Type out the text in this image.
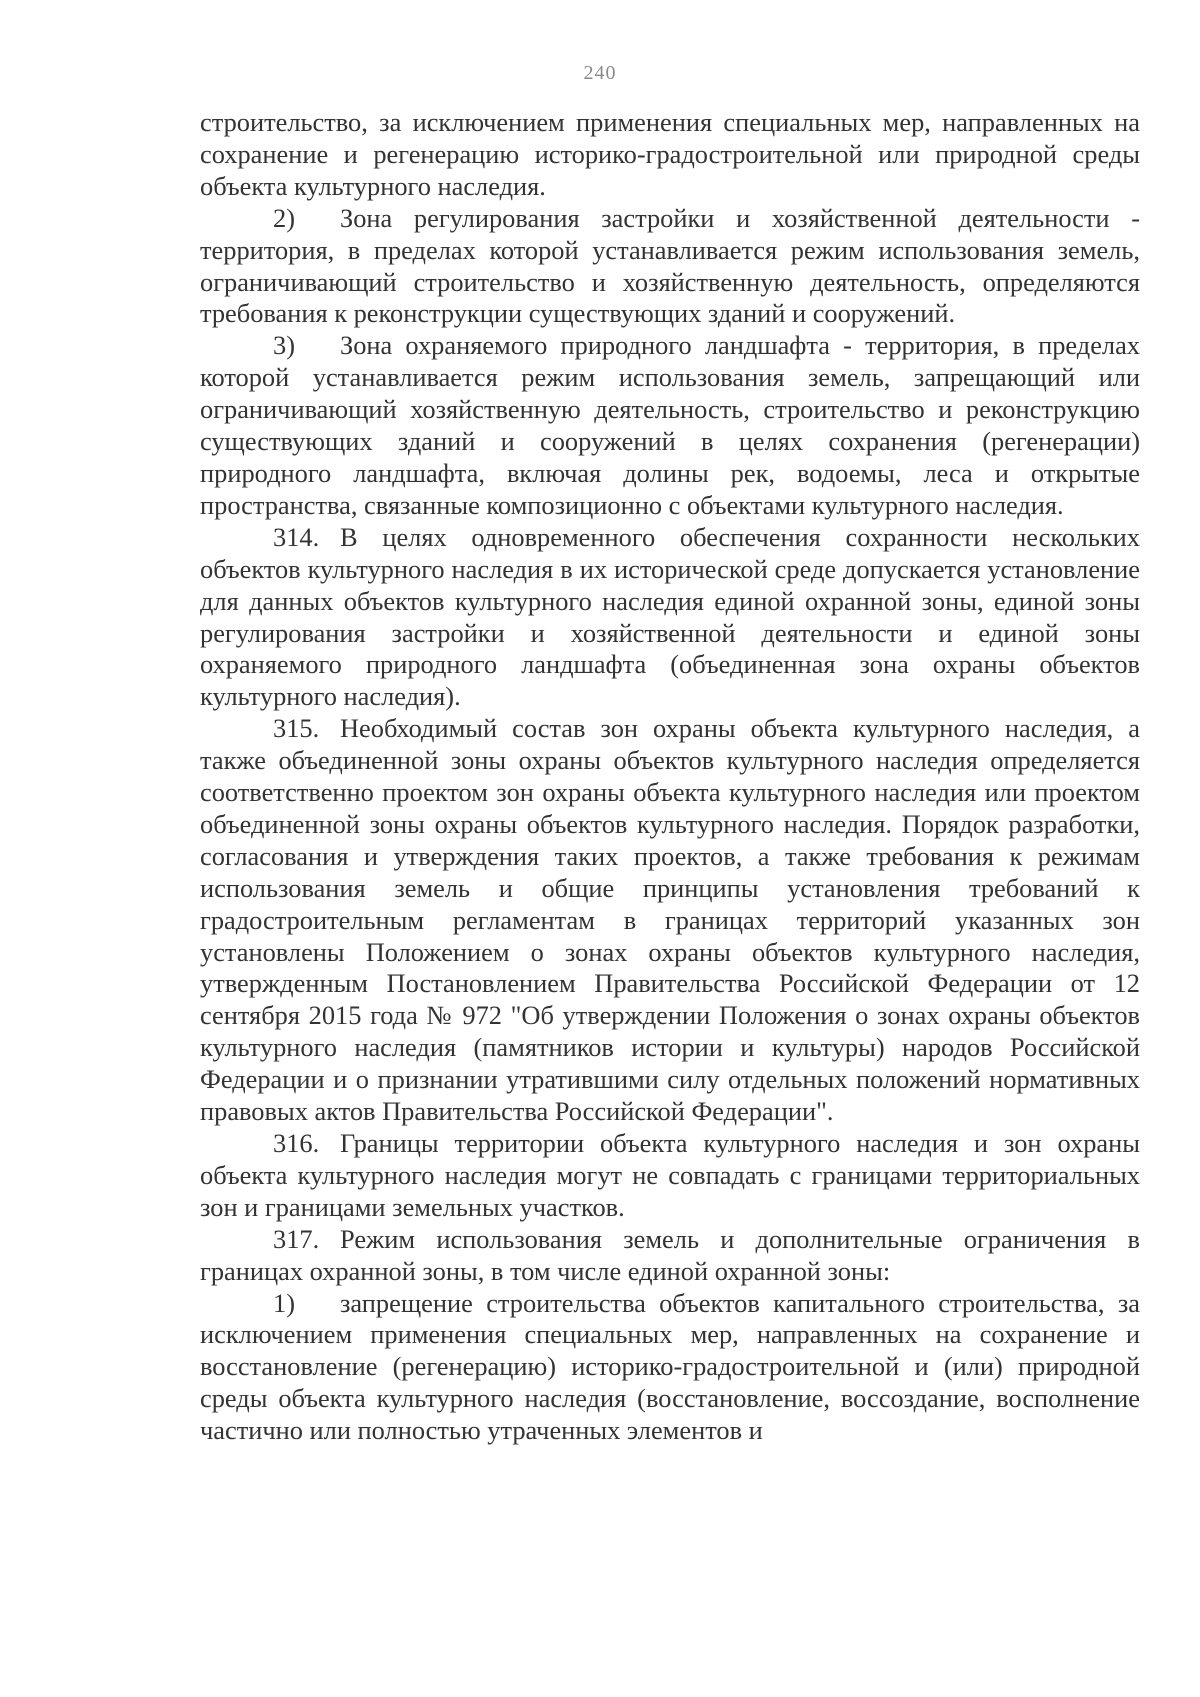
240

строительство, за исключением применения специальных мер, направленных на сохранение и регенерацию историко-градостроительной или природной среды объекта культурного наследия.

2) Зона регулирования застройки и хозяйственной деятельности - территория, в пределах которой устанавливается режим использования земель, ограничивающий строительство и хозяйственную деятельность, определяются требования к реконструкции существующих зданий и сооружений.

3) Зона охраняемого природного ландшафта - территория, в пределах которой устанавливается режим использования земель, запрещающий или ограничивающий хозяйственную деятельность, строительство и реконструкцию существующих зданий и сооружений в целях сохранения (регенерации) природного ландшафта, включая долины рек, водоемы, леса и открытые пространства, связанные композиционно с объектами культурного наследия.

314. В целях одновременного обеспечения сохранности нескольких объектов культурного наследия в их исторической среде допускается установление для данных объектов культурного наследия единой охранной зоны, единой зоны регулирования застройки и хозяйственной деятельности и единой зоны охраняемого природного ландшафта (объединенная зона охраны объектов культурного наследия).

315. Необходимый состав зон охраны объекта культурного наследия, а также объединенной зоны охраны объектов культурного наследия определяется соответственно проектом зон охраны объекта культурного наследия или проектом объединенной зоны охраны объектов культурного наследия. Порядок разработки, согласования и утверждения таких проектов, а также требования к режимам использования земель и общие принципы установления требований к градостроительным регламентам в границах территорий указанных зон установлены Положением о зонах охраны объектов культурного наследия, утвержденным Постановлением Правительства Российской Федерации от 12 сентября 2015 года № 972 "Об утверждении Положения о зонах охраны объектов культурного наследия (памятников истории и культуры) народов Российской Федерации и о признании утратившими силу отдельных положений нормативных правовых актов Правительства Российской Федерации".

316. Границы территории объекта культурного наследия и зон охраны объекта культурного наследия могут не совпадать с границами территориальных зон и границами земельных участков.

317. Режим использования земель и дополнительные ограничения в границах охранной зоны, в том числе единой охранной зоны:

1) запрещение строительства объектов капитального строительства, за исключением применения специальных мер, направленных на сохранение и восстановление (регенерацию) историко-градостроительной и (или) природной среды объекта культурного наследия (восстановление, воссоздание, восполнение частично или полностью утраченных элементов и
